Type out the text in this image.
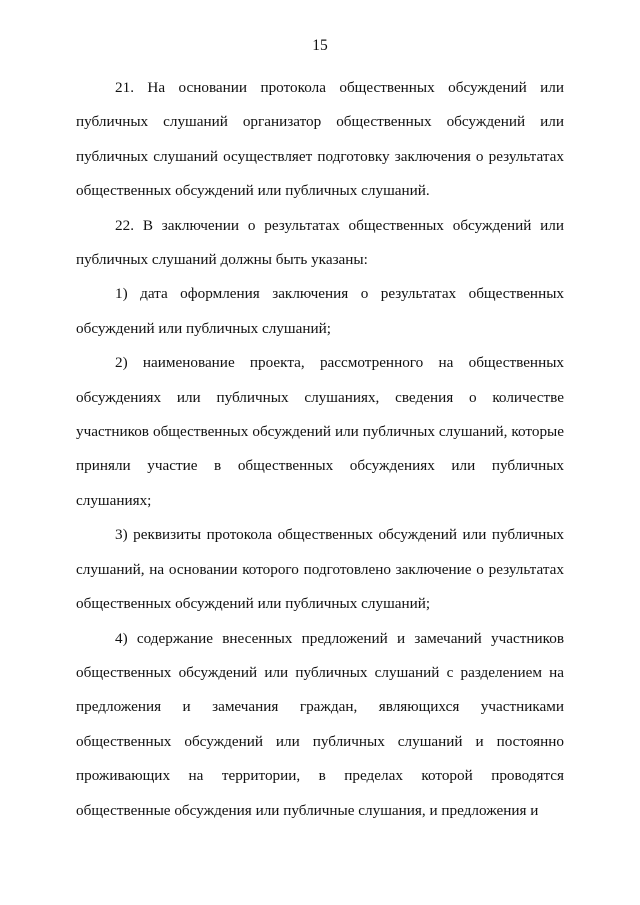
15

21. На основании протокола общественных обсуждений или публичных слушаний организатор общественных обсуждений или публичных слушаний осуществляет подготовку заключения о результатах общественных обсуждений или публичных слушаний.

22. В заключении о результатах общественных обсуждений или публичных слушаний должны быть указаны:

1) дата оформления заключения о результатах общественных обсуждений или публичных слушаний;

2) наименование проекта, рассмотренного на общественных обсуждениях или публичных слушаниях, сведения о количестве участников общественных обсуждений или публичных слушаний, которые приняли участие в общественных обсуждениях или публичных слушаниях;

3) реквизиты протокола общественных обсуждений или публичных слушаний, на основании которого подготовлено заключение о результатах общественных обсуждений или публичных слушаний;

4) содержание внесенных предложений и замечаний участников общественных обсуждений или публичных слушаний с разделением на предложения и замечания граждан, являющихся участниками общественных обсуждений или публичных слушаний и постоянно проживающих на территории, в пределах которой проводятся общественные обсуждения или публичные слушания, и предложения и
